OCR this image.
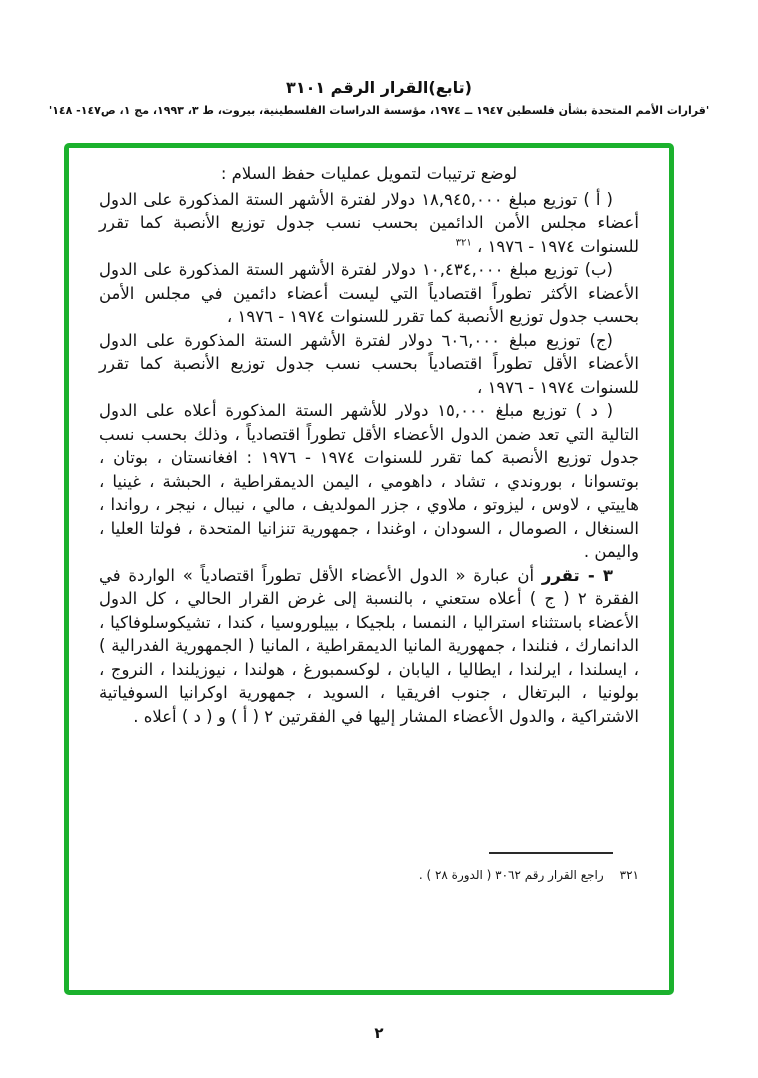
(تابع)القرار الرقم ٣١٠١
'قرارات الأمم المتحدة بشأن فلسطين ١٩٤٧ ــ ١٩٧٤، مؤسسة الدراسات الفلسطينية، بيروت، ط ٣، ١٩٩٣، مج ١، ص١٤٧- ١٤٨'

لوضع ترتيبات لتمويل عمليات حفظ السلام :

( أ ) توزيع مبلغ ١٨,٩٤٥,٠٠٠ دولار لفترة الأشهر الستة المذكورة على الدول أعضاء مجلس الأمن الدائمين بحسب نسب جدول توزيع الأنصبة كما تقرر للسنوات ١٩٧٤ - ١٩٧٦ ، $^{٣٢١}$

(ب) توزيع مبلغ ١٠,٤٣٤,٠٠٠ دولار لفترة الأشهر الستة المذكورة على الدول الأعضاء الأكثر تطوراً اقتصادياً التي ليست أعضاء دائمين في مجلس الأمن بحسب جدول توزيع الأنصبة كما تقرر للسنوات ١٩٧٤ - ١٩٧٦ ،

(ج) توزيع مبلغ ٦٠٦,٠٠٠ دولار لفترة الأشهر الستة المذكورة على الدول الأعضاء الأقل تطوراً اقتصادياً بحسب نسب جدول توزيع الأنصبة كما تقرر للسنوات ١٩٧٤ - ١٩٧٦ ،

( د ) توزيع مبلغ ١٥,٠٠٠ دولار للأشهر الستة المذكورة أعلاه على الدول التالية التي تعد ضمن الدول الأعضاء الأقل تطوراً اقتصادياً ، وذلك بحسب نسب جدول توزيع الأنصبة كما تقرر للسنوات ١٩٧٤ - ١٩٧٦ : افغانستان ، بوتان ، بوتسوانا ، بوروندي ، تشاد ، داهومي ، اليمن الديمقراطية ، الحبشة ، غينيا ، هاييتي ، لاوس ، ليزوتو ، ملاوي ، جزر المولديف ، مالي ، نيبال ، نيجر ، رواندا ، السنغال ، الصومال ، السودان ، اوغندا ، جمهورية تنزانيا المتحدة ، فولتا العليا ، واليمن .

٣ - تقرر أن عبارة « الدول الأعضاء الأقل تطوراً اقتصادياً » الواردة في الفقرة ٢ ( ج ) أعلاه ستعني ، بالنسبة إلى غرض القرار الحالي ، كل الدول الأعضاء باستثناء استراليا ، النمسا ، بلجيكا ، بييلوروسيا ، كندا ، تشيكوسلوفاكيا ، الدانمارك ، فنلندا ، جمهورية المانيا الديمقراطية ، المانيا ( الجمهورية الفدرالية ) ، ايسلندا ، ايرلندا ، ايطاليا ، اليابان ، لوكسمبورغ ، هولندا ، نيوزيلندا ، النروج ، بولونيا ، البرتغال ، جنوب افريقيا ، السويد ، جمهورية اوكرانيا السوفياتية الاشتراكية ، والدول الأعضاء المشار إليها في الفقرتين ٢ ( أ ) و ( د ) أعلاه .

٣٢١راجع القرار رقم ٣٠٦٢ ( الدورة ٢٨ ) .
٢
